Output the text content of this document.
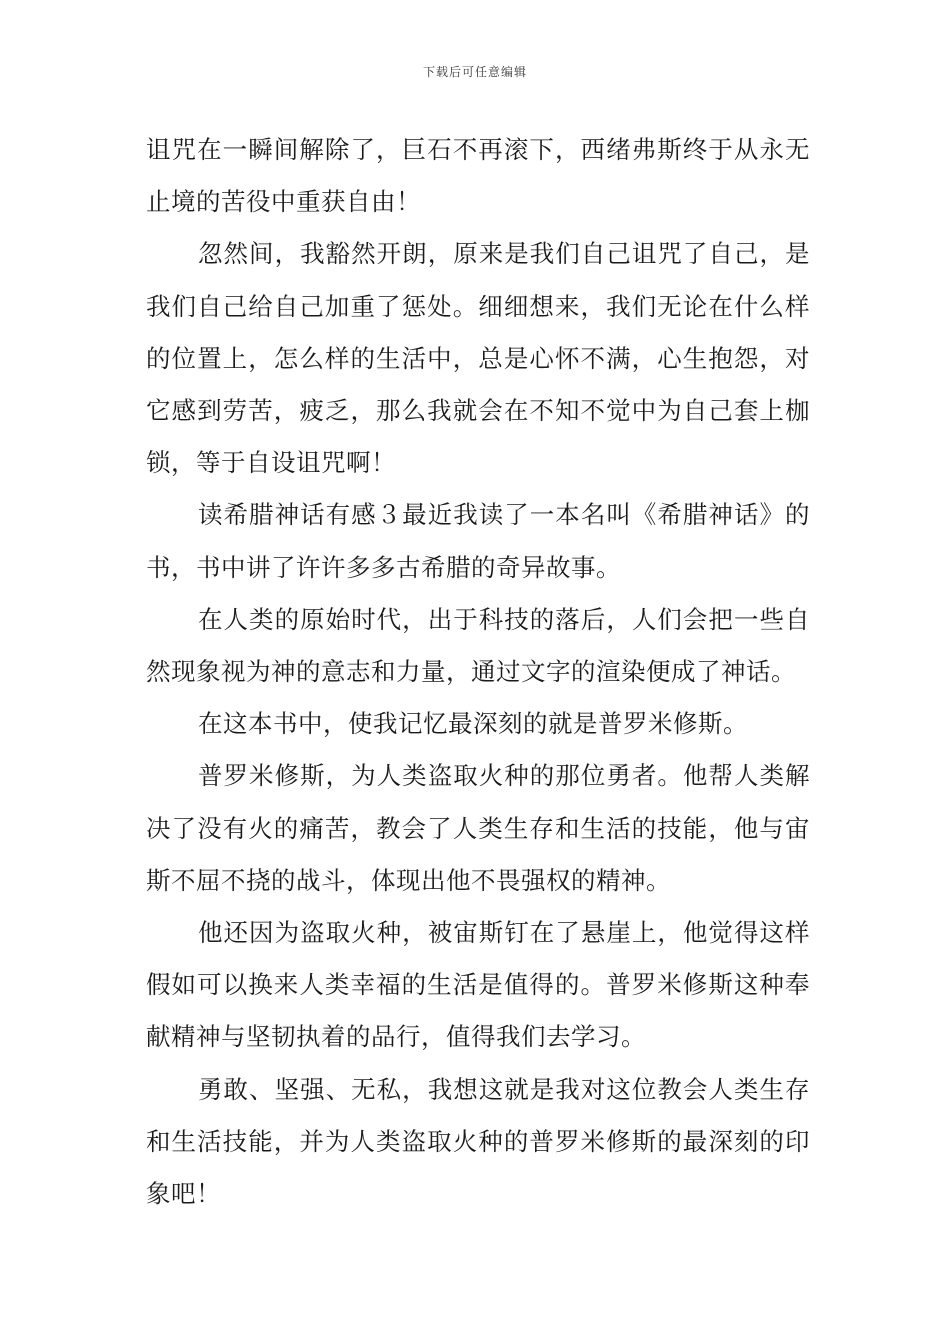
下载后可任意编辑

诅咒在一瞬间解除了，巨石不再滚下，西绪弗斯终于从永无止境的苦役中重获自由！

忽然间，我豁然开朗，原来是我们自己诅咒了自己，是我们自己给自己加重了惩处。细细想来，我们无论在什么样的位置上，怎么样的生活中，总是心怀不满，心生抱怨，对它感到劳苦，疲乏，那么我就会在不知不觉中为自己套上枷锁，等于自设诅咒啊！

读希腊神话有感３最近我读了一本名叫《希腊神话》的书，书中讲了许许多多古希腊的奇异故事。

在人类的原始时代，出于科技的落后，人们会把一些自然现象视为神的意志和力量，通过文字的渲染便成了神话。

在这本书中，使我记忆最深刻的就是普罗米修斯。

普罗米修斯，为人类盗取火种的那位勇者。他帮人类解决了没有火的痛苦，教会了人类生存和生活的技能，他与宙斯不屈不挠的战斗，体现出他不畏强权的精神。

他还因为盗取火种，被宙斯钉在了悬崖上，他觉得这样假如可以换来人类幸福的生活是值得的。普罗米修斯这种奉献精神与坚韧执着的品行，值得我们去学习。

勇敢、坚强、无私，我想这就是我对这位教会人类生存和生活技能，并为人类盗取火种的普罗米修斯的最深刻的印象吧！
